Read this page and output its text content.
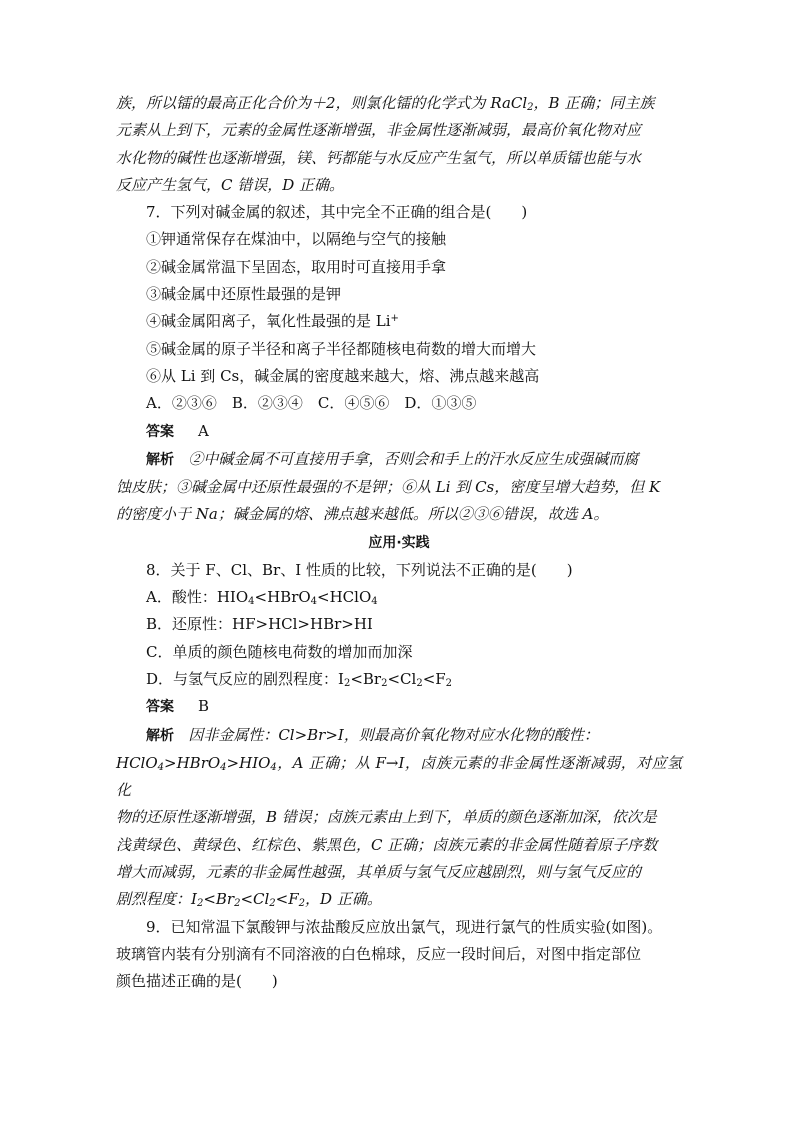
族，所以镭的最高正化合价为＋2，则氯化镭的化学式为 RaCl$_2$，B 正确；同主族

元素从上到下，元素的金属性逐渐增强，非金属性逐渐减弱，最高价氧化物对应

水化物的碱性也逐渐增强，镁、钙都能与水反应产生氢气，所以单质镭也能与水

反应产生氢气，C 错误，D 正确。

7．下列对碱金属的叙述，其中完全不正确的组合是(　　)

①钾通常保存在煤油中，以隔绝与空气的接触

②碱金属常温下呈固态，取用时可直接用手拿

③碱金属中还原性最强的是钾

④碱金属阳离子，氧化性最强的是 Li+

⑤碱金属的原子半径和离子半径都随核电荷数的增大而增大

⑥从 Li 到 Cs，碱金属的密度越来越大，熔、沸点越来越高

A．②③⑥　B．②③④　C．④⑤⑥　D．①③⑤

答案 A

解析 ②中碱金属不可直接用手拿，否则会和手上的汗水反应生成强碱而腐

蚀皮肤；③碱金属中还原性最强的不是钾；⑥从 Li 到 Cs，密度呈增大趋势，但 K

的密度小于 Na；碱金属的熔、沸点越来越低。所以②③⑥错误，故选 A。

应用·实践

8．关于 F、Cl、Br、I 性质的比较，下列说法不正确的是(　　)

A．酸性：$HIO_4<HBrO_4<HClO_4$

B．还原性：HF>HCl>HBr>HI

C．单质的颜色随核电荷数的增加而加深

D．与氢气反应的剧烈程度：$I_2<Br_2<Cl_2<F_2$

答案 B

解析 因非金属性：Cl>Br>I，则最高价氧化物对应水化物的酸性：

$HClO_4>HBrO_4>HIO_4$，A 正确；从 F→I，卤族元素的非金属性逐渐减弱，对应氢化

物的还原性逐渐增强，B 错误；卤族元素由上到下，单质的颜色逐渐加深，依次是

浅黄绿色、黄绿色、红棕色、紫黑色，C 正确；卤族元素的非金属性随着原子序数

增大而减弱，元素的非金属性越强，其单质与氢气反应越剧烈，则与氢气反应的

剧烈程度：$I_2<Br_2<Cl_2<F_2$，D 正确。

9．已知常温下氯酸钾与浓盐酸反应放出氯气，现进行氯气的性质实验(如图)。

玻璃管内装有分别滴有不同溶液的白色棉球，反应一段时间后，对图中指定部位

颜色描述正确的是(　　)
